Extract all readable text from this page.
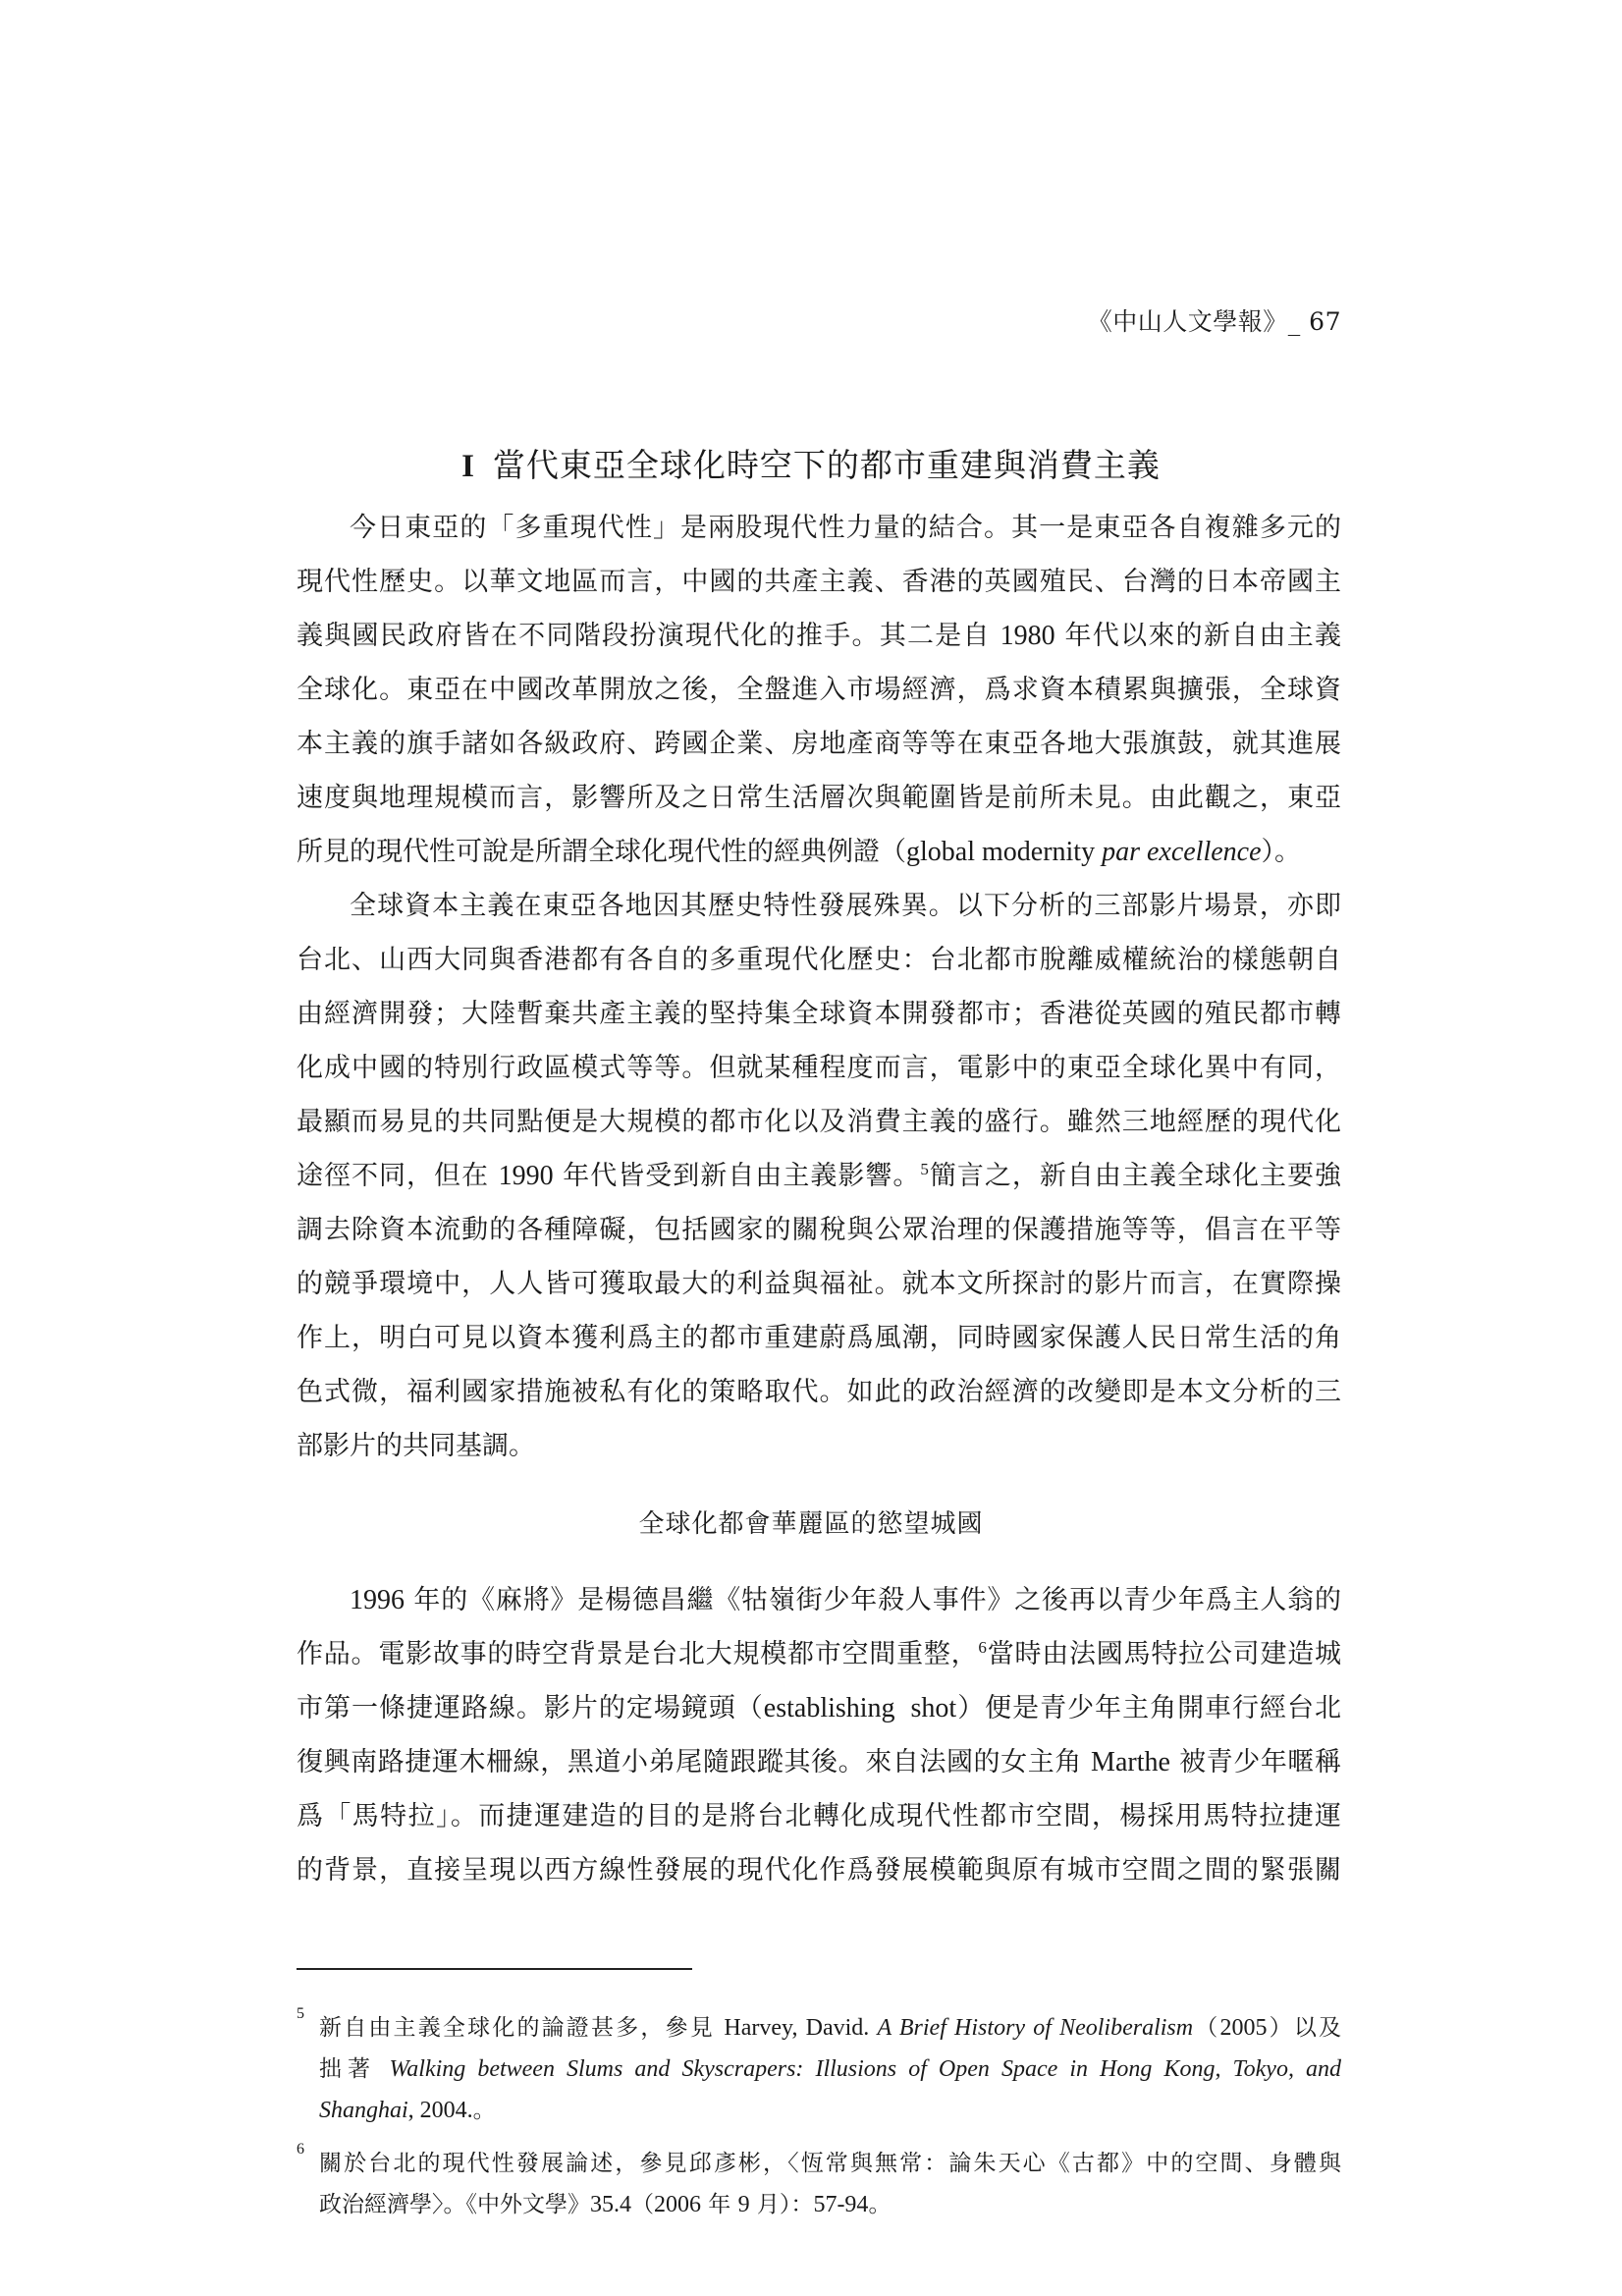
《中山人文學報》_ 67
I 當代東亞全球化時空下的都市重建與消費主義
今日東亞的「多重現代性」是兩股現代性力量的結合。其一是東亞各自複雜多元的
現代性歷史。以華文地區而言，中國的共產主義、香港的英國殖民、台灣的日本帝國主
義與國民政府皆在不同階段扮演現代化的推手。其二是自 1980 年代以來的新自由主義
全球化。東亞在中國改革開放之後，全盤進入市場經濟，爲求資本積累與擴張，全球資
本主義的旗手諸如各級政府、跨國企業、房地產商等等在東亞各地大張旗鼓，就其進展
速度與地理規模而言，影響所及之日常生活層次與範圍皆是前所未見。由此觀之，東亞
所見的現代性可說是所謂全球化現代性的經典例證（global modernity par excellence）。
全球資本主義在東亞各地因其歷史特性發展殊異。以下分析的三部影片場景，亦即
台北、山西大同與香港都有各自的多重現代化歷史：台北都市脫離威權統治的樣態朝自
由經濟開發；大陸暫棄共產主義的堅持集全球資本開發都市；香港從英國的殖民都市轉
化成中國的特別行政區模式等等。但就某種程度而言，電影中的東亞全球化異中有同，
最顯而易見的共同點便是大規模的都市化以及消費主義的盛行。雖然三地經歷的現代化
途徑不同，但在 1990 年代皆受到新自由主義影響。$^5$簡言之，新自由主義全球化主要強
調去除資本流動的各種障礙，包括國家的關稅與公眾治理的保護措施等等，倡言在平等
的競爭環境中，人人皆可獲取最大的利益與福祉。就本文所探討的影片而言，在實際操
作上，明白可見以資本獲利爲主的都市重建蔚爲風潮，同時國家保護人民日常生活的角
色式微，福利國家措施被私有化的策略取代。如此的政治經濟的改變即是本文分析的三
部影片的共同基調。
全球化都會華麗區的慾望城國
1996 年的《麻將》是楊德昌繼《牯嶺街少年殺人事件》之後再以青少年爲主人翁的
作品。電影故事的時空背景是台北大規模都市空間重整，$^6$當時由法國馬特拉公司建造城
市第一條捷運路線。影片的定場鏡頭（establishing  shot）便是青少年主角開車行經台北
復興南路捷運木柵線，黑道小弟尾隨跟蹤其後。來自法國的女主角 Marthe 被青少年暱稱
爲「馬特拉」。而捷運建造的目的是將台北轉化成現代性都市空間，楊採用馬特拉捷運
的背景，直接呈現以西方線性發展的現代化作爲發展模範與原有城市空間之間的緊張關
5
新自由主義全球化的論證甚多，參見 Harvey, David. A Brief History of Neoliberalism（2005）以及
拙著 Walking between Slums and Skyscrapers: Illusions of Open Space in Hong Kong, Tokyo, and
Shanghai, 2004.。
6
關於台北的現代性發展論述，參見邱彥彬，〈恆常與無常：論朱天心《古都》中的空間、身體與
政治經濟學〉。《中外文學》35.4（2006 年 9 月）：57-94。
